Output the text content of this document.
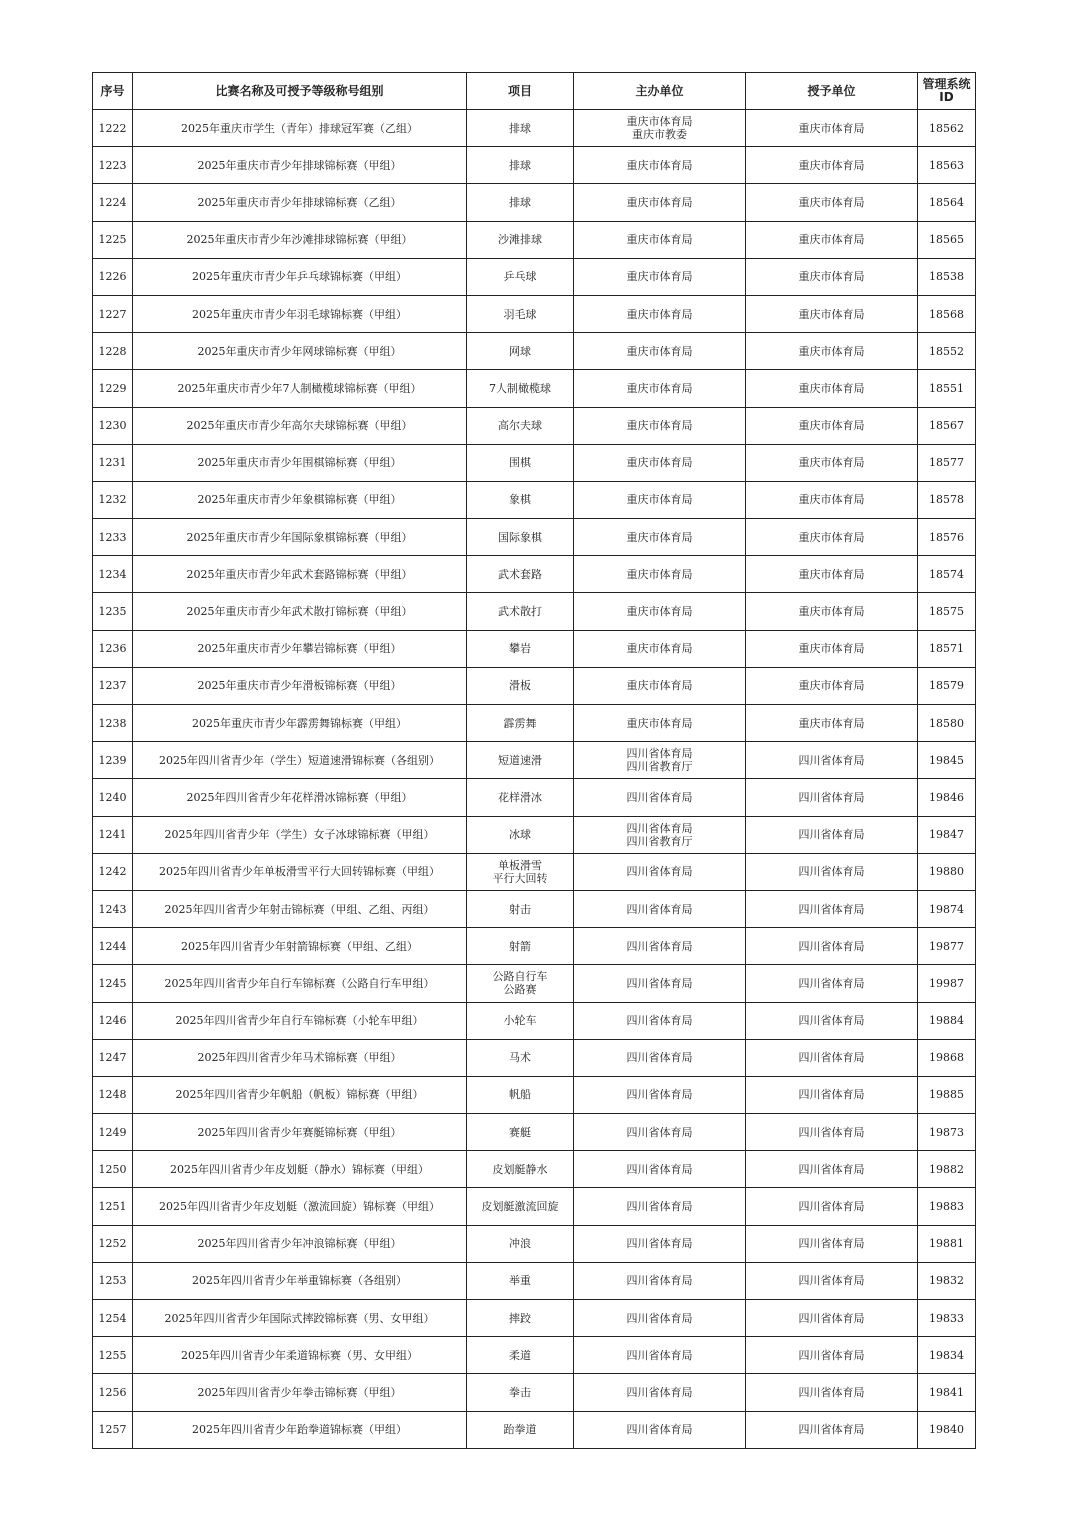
序号	比赛名称及可授予等级称号组别	项目	主办单位	授予单位	管理系统
ID
1222	2025年重庆市学生（青年）排球冠军赛（乙组）	排球	重庆市体育局
重庆市教委	重庆市体育局	18562
1223	2025年重庆市青少年排球锦标赛（甲组）	排球	重庆市体育局	重庆市体育局	18563
1224	2025年重庆市青少年排球锦标赛（乙组）	排球	重庆市体育局	重庆市体育局	18564
1225	2025年重庆市青少年沙滩排球锦标赛（甲组）	沙滩排球	重庆市体育局	重庆市体育局	18565
1226	2025年重庆市青少年乒乓球锦标赛（甲组）	乒乓球	重庆市体育局	重庆市体育局	18538
1227	2025年重庆市青少年羽毛球锦标赛（甲组）	羽毛球	重庆市体育局	重庆市体育局	18568
1228	2025年重庆市青少年网球锦标赛（甲组）	网球	重庆市体育局	重庆市体育局	18552
1229	2025年重庆市青少年7人制橄榄球锦标赛（甲组）	7人制橄榄球	重庆市体育局	重庆市体育局	18551
1230	2025年重庆市青少年高尔夫球锦标赛（甲组）	高尔夫球	重庆市体育局	重庆市体育局	18567
1231	2025年重庆市青少年围棋锦标赛（甲组）	围棋	重庆市体育局	重庆市体育局	18577
1232	2025年重庆市青少年象棋锦标赛（甲组）	象棋	重庆市体育局	重庆市体育局	18578
1233	2025年重庆市青少年国际象棋锦标赛（甲组）	国际象棋	重庆市体育局	重庆市体育局	18576
1234	2025年重庆市青少年武术套路锦标赛（甲组）	武术套路	重庆市体育局	重庆市体育局	18574
1235	2025年重庆市青少年武术散打锦标赛（甲组）	武术散打	重庆市体育局	重庆市体育局	18575
1236	2025年重庆市青少年攀岩锦标赛（甲组）	攀岩	重庆市体育局	重庆市体育局	18571
1237	2025年重庆市青少年滑板锦标赛（甲组）	滑板	重庆市体育局	重庆市体育局	18579
1238	2025年重庆市青少年霹雳舞锦标赛（甲组）	霹雳舞	重庆市体育局	重庆市体育局	18580
1239	2025年四川省青少年（学生）短道速滑锦标赛（各组别）	短道速滑	四川省体育局
四川省教育厅	四川省体育局	19845
1240	2025年四川省青少年花样滑冰锦标赛（甲组）	花样滑冰	四川省体育局	四川省体育局	19846
1241	2025年四川省青少年（学生）女子冰球锦标赛（甲组）	冰球	四川省体育局
四川省教育厅	四川省体育局	19847
1242	2025年四川省青少年单板滑雪平行大回转锦标赛（甲组）	单板滑雪
平行大回转	四川省体育局	四川省体育局	19880
1243	2025年四川省青少年射击锦标赛（甲组、乙组、丙组）	射击	四川省体育局	四川省体育局	19874
1244	2025年四川省青少年射箭锦标赛（甲组、乙组）	射箭	四川省体育局	四川省体育局	19877
1245	2025年四川省青少年自行车锦标赛（公路自行车甲组）	公路自行车
公路赛	四川省体育局	四川省体育局	19987
1246	2025年四川省青少年自行车锦标赛（小轮车甲组）	小轮车	四川省体育局	四川省体育局	19884
1247	2025年四川省青少年马术锦标赛（甲组）	马术	四川省体育局	四川省体育局	19868
1248	2025年四川省青少年帆船（帆板）锦标赛（甲组）	帆船	四川省体育局	四川省体育局	19885
1249	2025年四川省青少年赛艇锦标赛（甲组）	赛艇	四川省体育局	四川省体育局	19873
1250	2025年四川省青少年皮划艇（静水）锦标赛（甲组）	皮划艇静水	四川省体育局	四川省体育局	19882
1251	2025年四川省青少年皮划艇（激流回旋）锦标赛（甲组）	皮划艇激流回旋	四川省体育局	四川省体育局	19883
1252	2025年四川省青少年冲浪锦标赛（甲组）	冲浪	四川省体育局	四川省体育局	19881
1253	2025年四川省青少年举重锦标赛（各组别）	举重	四川省体育局	四川省体育局	19832
1254	2025年四川省青少年国际式摔跤锦标赛（男、女甲组）	摔跤	四川省体育局	四川省体育局	19833
1255	2025年四川省青少年柔道锦标赛（男、女甲组）	柔道	四川省体育局	四川省体育局	19834
1256	2025年四川省青少年拳击锦标赛（甲组）	拳击	四川省体育局	四川省体育局	19841
1257	2025年四川省青少年跆拳道锦标赛（甲组）	跆拳道	四川省体育局	四川省体育局	19840
